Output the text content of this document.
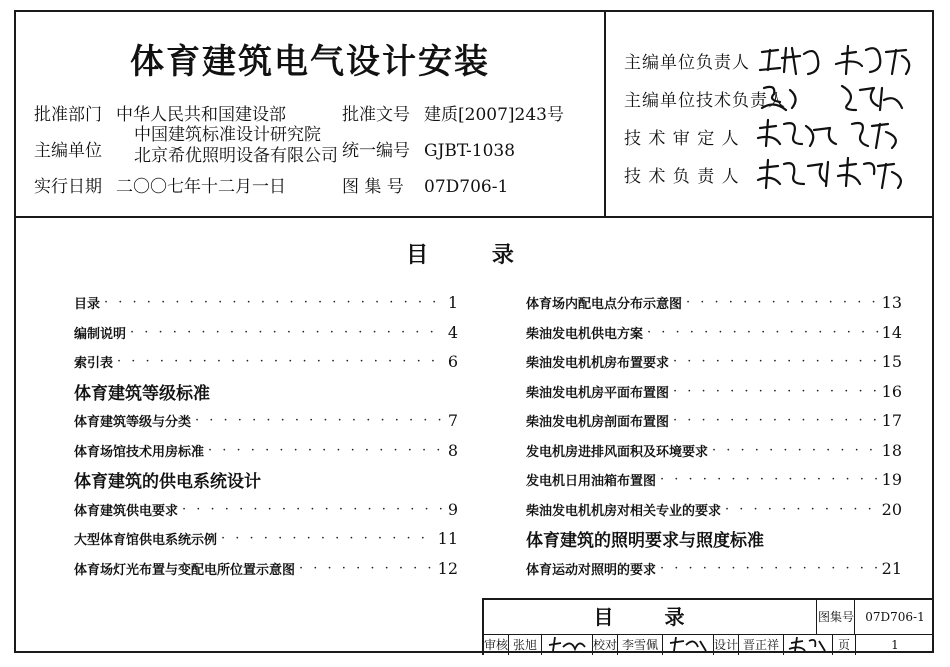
体育建筑电气设计安装
批准部门 中华人民共和国建设部
主编单位
中国建筑标准设计研究院
北京希优照明设备有限公司
实行日期 二〇〇七年十二月一日
批准文号 建质[2007]243号
统一编号 GJBT-1038
图 集 号 07D706-1
主编单位负责人
主编单位技术负责人
技 术 审 定 人
技 术 负 责 人
目 录
目录 · · ·	1
编制说明 · · ·	4
索引表 · · ·	6
体育建筑等级标准
体育建筑等级与分类 · · ·	7
体育场馆技术用房标准 · · ·	8
体育建筑的供电系统设计
体育建筑供电要求 · · ·	9
大型体育馆供电系统示例 · · ·	11
体育场灯光布置与变配电所位置示意图 · · ·	12
体育场内配电点分布示意图 · · ·	13
柴油发电机供电方案 · · ·	14
柴油发电机机房布置要求 · · ·	15
柴油发电机房平面布置图 · · ·	16
柴油发电机房剖面布置图 · · ·	17
发电机房进排风面积及环境要求 · · ·	18
发电机日用油箱布置图 · · ·	19
柴油发电机机房对相关专业的要求 · · ·	20
体育建筑的照明要求与照度标准
体育运动对照明的要求 · · ·	21
目 录	图集号 07D706-1
审核 张旭	校对 李雪佩	设计 晋正祥	页	1
